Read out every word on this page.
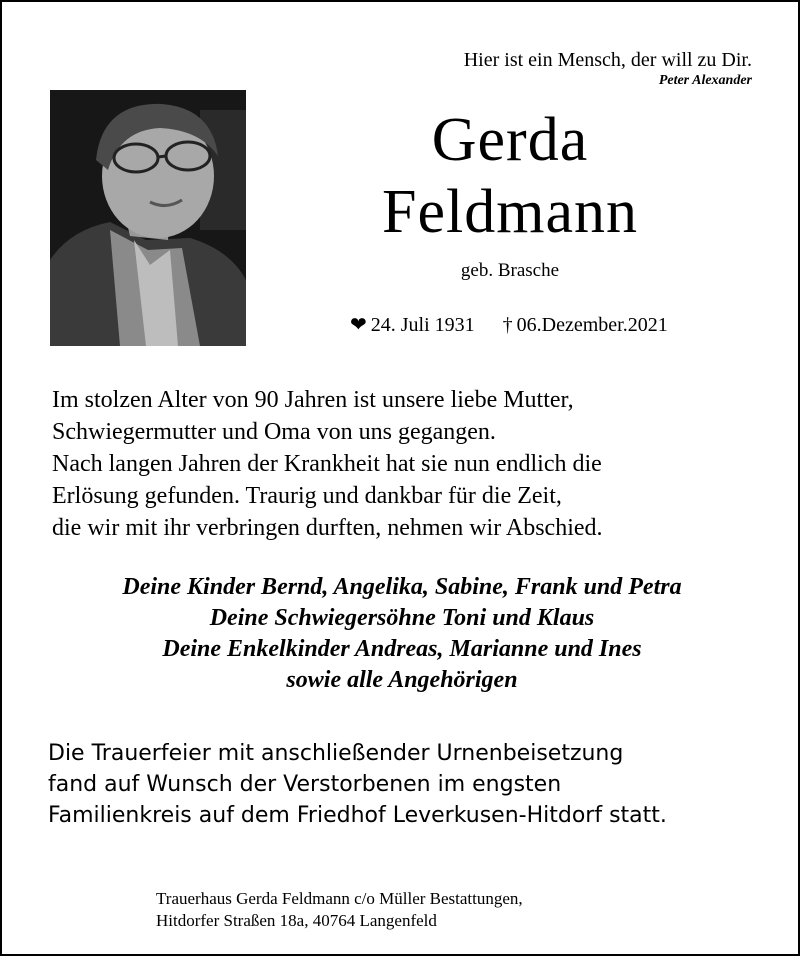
Hier ist ein Mensch, der will zu Dir.
Peter Alexander
Gerda
Feldmann
geb. Brasche
❤ 24. Juli 1931 † 06.Dezember.2021
Im stolzen Alter von 90 Jahren ist unsere liebe Mutter,
Schwiegermutter und Oma von uns gegangen.
Nach langen Jahren der Krankheit hat sie nun endlich die
Erlösung gefunden. Traurig und dankbar für die Zeit,
die wir mit ihr verbringen durften, nehmen wir Abschied.
Deine Kinder Bernd, Angelika, Sabine, Frank und Petra
Deine Schwiegersöhne Toni und Klaus
Deine Enkelkinder Andreas, Marianne und Ines
sowie alle Angehörigen
Die Trauerfeier mit anschließender Urnenbeisetzung
fand auf Wunsch der Verstorbenen im engsten
Familienkreis auf dem Friedhof Leverkusen-Hitdorf statt.
Trauerhaus Gerda Feldmann c/o Müller Bestattungen,
Hitdorfer Straßen 18a, 40764 Langenfeld
